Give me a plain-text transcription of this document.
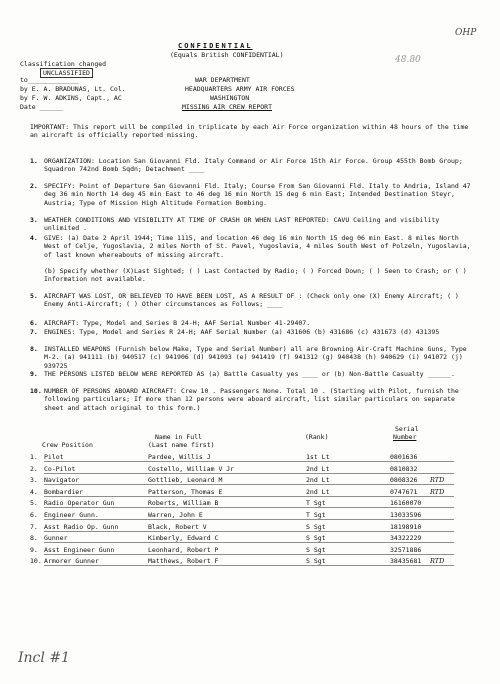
CONFIDENTIAL
(Equals British CONFIDENTIAL)
OHP
48.80
Classification changed
UNCLASSIFIED
to_____________
by E. A. BRADUNAS, Lt. Col.
by F. W. ADKINS, Capt., AC
Date ______
WAR DEPARTMENT
HEADQUARTERS ARMY AIR FORCES
WASHINGTON
MISSING AIR CREW REPORT
IMPORTANT: This report will be compiled in triplicate by each Air Force organization within 48 hours of the time an aircraft is officially reported missing.
1. ORGANIZATION: Location San Giovanni Fld. Italy Command or Air Force 15th Air Force. Group 455th Bomb Group; Squadron 742nd Bomb Sqdn; Detachment ____
2. SPECIFY: Point of Departure San Giovanni Fld. Italy; Course From San Giovanni Fld. Italy to Andria, Island 47 deg 36 min North 14 deg 45 min East to 46 deg 16 min North 15 deg 6 min East; Intended Destination Steyr, Austria; Type of Mission High Altitude Formation Bombing.
3. WEATHER CONDITIONS AND VISIBILITY AT TIME OF CRASH OR WHEN LAST REPORTED: CAVU Ceiling and visibility unlimited .
4. GIVE: (a) Date 2 April 1944; Time 1115, and location 46 deg 16 min North 15 deg 06 min East. 8 miles North West of Celje, Yugoslavia, 2 miles North of St. Pavel, Yugoslavia, 4 miles South West of Polzeln, Yugoslavia, of last known whereabouts of missing aircraft.
(b) Specify whether (X)Last Sighted; ( ) Last Contacted by Radio; ( ) Forced Down; ( ) Seen to Crash; or ( ) Information not available.
5. AIRCRAFT WAS LOST, OR BELIEVED TO HAVE BEEN LOST, AS A RESULT OF : (Check only one (X) Enemy Aircraft; ( ) Enemy Anti-Aircraft; ( ) Other circumstances as Follows; ____
6. AIRCRAFT: Type, Model and Series B 24-H; AAF Serial Number 41-29407.
7. ENGINES: Type, Model and Series R 24-H; AAF Serial Number (a) 431606 (b) 431686 (c) 431673 (d) 431395
8. INSTALLED WEAPONS (Furnish below Make, Type and Serial Number) all are Browning Air-Craft Machine Guns, Type M-2. (a) 941111 (b) 940517 (c) 941906 (d) 941093 (e) 941419 (f) 941312 (g) 940438 (h) 940629 (i) 941072 (j) 939725
9. THE PERSONS LISTED BELOW WERE REPORTED AS (a) Battle Casualty yes ____ or (b) Non-Battle Casualty ______.
10. NUMBER OF PERSONS ABOARD AIRCRAFT: Crew 10 . Passengers None. Total 10 . (Starting with Pilot, furnish the following particulars; If more than 12 persons were aboard aircraft, list similar particulars on separate sheet and attach original to this form.)
Serial
Name in Full	(Rank)	Number
Crew Position	(Last name first)
1. Pilot	Pardee, Willis J	1st Lt	0801636
2. Co-Pilot	Costello, William V Jr	2nd Lt	0810832
3. Navigator	Gottlieb, Leonard M	2nd Lt	0808326 RTD
4. Bombardier	Patterson, Thomas E	2nd Lt	0747671 RTD
5. Radio Operator Gun	Roberts, William B	T Sgt	16160070
6. Engineer Gunn.	Warren, John E	T Sgt	13033596
7. Asst Radio Op. Gunn	Black, Robert V	S Sgt	18198910
8. Gunner	Kimberly, Edward C	S Sgt	34322229
9. Asst Engineer Gunn	Leonhard, Robert P	S Sgt	32571886
10. Armorer Gunner	Matthews, Robert F	S Sgt	38435681 RTD
Incl #1
